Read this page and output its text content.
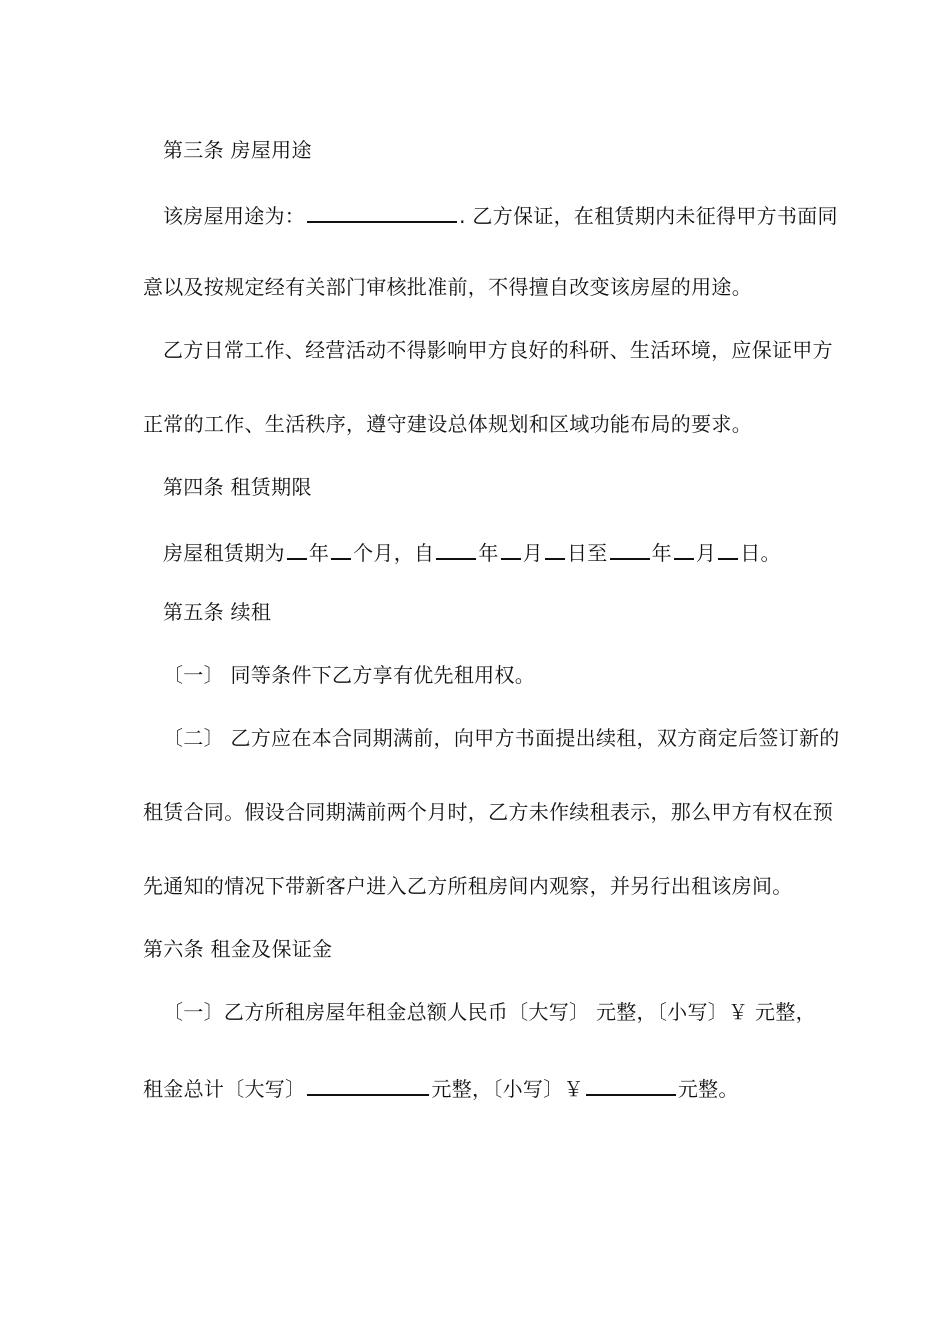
第三条 房屋用途
该房屋用途为：	. 乙方保证，在租赁期内未征得甲方书面同
意以及按规定经有关部门审核批准前，不得擅自改变该房屋的用途。
乙方日常工作、经营活动不得影响甲方良好的科研、生活环境，应保证甲方
正常的工作、生活秩序，遵守建设总体规划和区域功能布局的要求。
第四条 租赁期限
房屋租赁期为 年 个月，自 年 月 日至 年 月 日。
第五条 续租
〔一〕 同等条件下乙方享有优先租用权。
〔二〕 乙方应在本合同期满前，向甲方书面提出续租，双方商定后签订新的
租赁合同。假设合同期满前两个月时，乙方未作续租表示，那么甲方有权在预
先通知的情况下带新客户进入乙方所租房间内观察，并另行出租该房间。
第六条 租金及保证金
〔一〕乙方所租房屋年租金总额人民币〔大写〕 元整，〔小写〕￥ 元整，
租金总计〔大写〕	元整，〔小写〕￥	元整。
